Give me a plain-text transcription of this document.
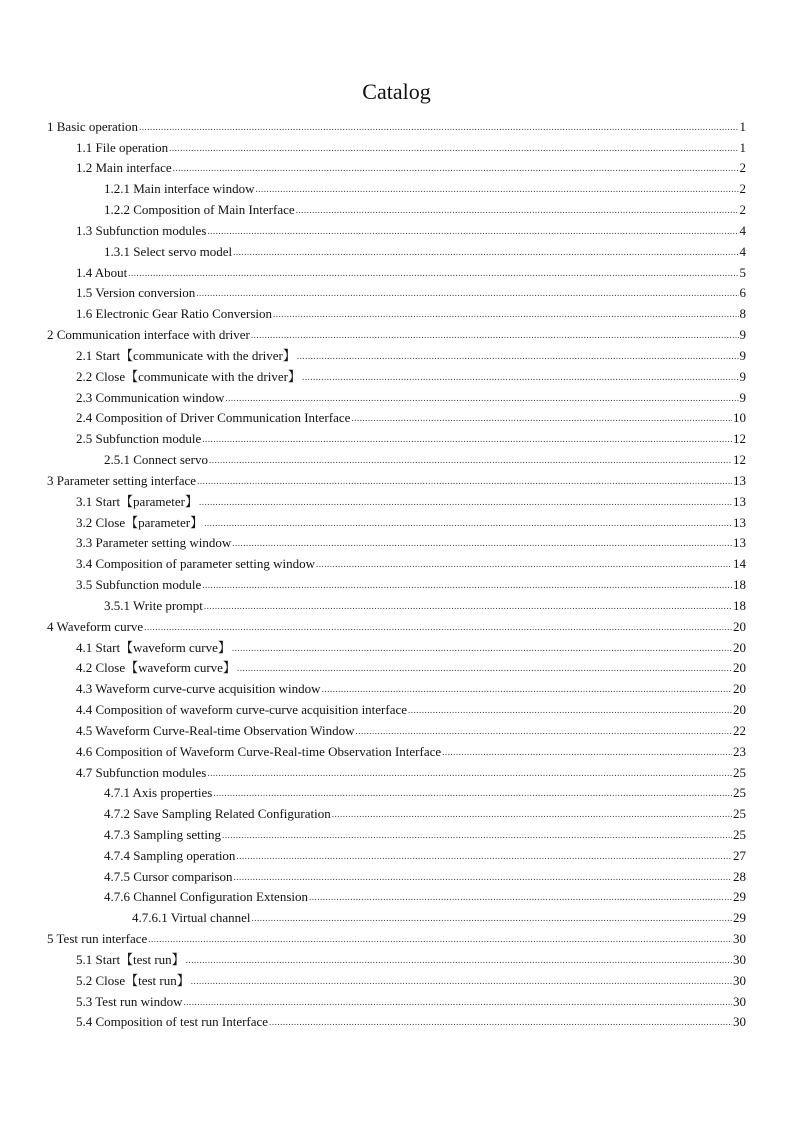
Catalog
1 Basic operation .....	1
1.1 File operation .....	1
1.2 Main interface .....	2
1.2.1 Main interface window .....	2
1.2.2 Composition of Main Interface .....	2
1.3 Subfunction modules .....	4
1.3.1 Select servo model .....	4
1.4 About .....	5
1.5 Version conversion .....	6
1.6 Electronic Gear Ratio Conversion .....	8
2 Communication interface with driver .....	9
2.1 Start【communicate with the driver】 .....	9
2.2 Close【communicate with the driver】 .....	9
2.3 Communication window .....	9
2.4 Composition of Driver Communication Interface .....	10
2.5 Subfunction module .....	12
2.5.1 Connect servo .....	12
3 Parameter setting interface .....	13
3.1 Start【parameter】 .....	13
3.2 Close【parameter】 .....	13
3.3 Parameter setting window .....	13
3.4 Composition of parameter setting window .....	14
3.5 Subfunction module .....	18
3.5.1 Write prompt .....	18
4 Waveform curve .....	20
4.1 Start【waveform curve】 .....	20
4.2 Close【waveform curve】 .....	20
4.3 Waveform curve-curve acquisition window .....	20
4.4 Composition of waveform curve-curve acquisition interface .....	20
4.5 Waveform Curve-Real-time Observation Window .....	22
4.6 Composition of Waveform Curve-Real-time Observation Interface .....	23
4.7 Subfunction modules .....	25
4.7.1 Axis properties .....	25
4.7.2 Save Sampling Related Configuration .....	25
4.7.3 Sampling setting .....	25
4.7.4 Sampling operation .....	27
4.7.5 Cursor comparison .....	28
4.7.6 Channel Configuration Extension .....	29
4.7.6.1 Virtual channel .....	29
5 Test run interface .....	30
5.1 Start【test run】 .....	30
5.2 Close【test run】 .....	30
5.3 Test run window .....	30
5.4 Composition of test run Interface .....	30
